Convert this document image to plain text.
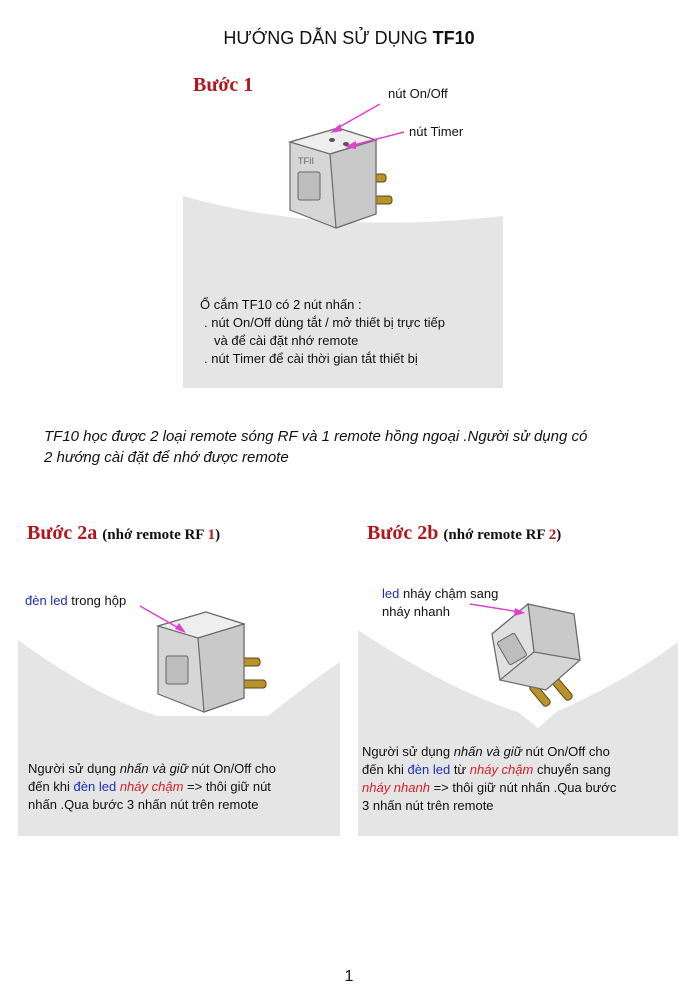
HƯỚNG DẪN SỬ DỤNG TF10
Bước 1
TFII
nút On/Off
nút Timer
Ổ cắm TF10 có 2 nút nhấn :
. nút On/Off dùng tắt / mở thiết bị trực tiếp
và để cài đặt nhớ remote
. nút Timer để cài thời gian tắt thiết bị
TF10 học được 2 loại remote sóng RF và 1 remote hồng ngoại .Người sử dụng có
2 hướng cài đặt để nhớ được remote
Bước 2a (nhớ remote RF 1)
đèn led trong hộp
Người sử dụng nhấn và giữ nút On/Off cho
đến khi đèn led nháy chậm => thôi giữ nút
nhấn .Qua bước 3 nhấn nút trên remote
Bước 2b (nhớ remote RF 2)
led nháy chậm sang
nháy nhanh
Người sử dụng nhấn và giữ nút On/Off cho
đến khi đèn led từ nháy chậm chuyển sang
nháy nhanh => thôi giữ nút nhấn .Qua bước
3 nhấn nút trên remote
1
